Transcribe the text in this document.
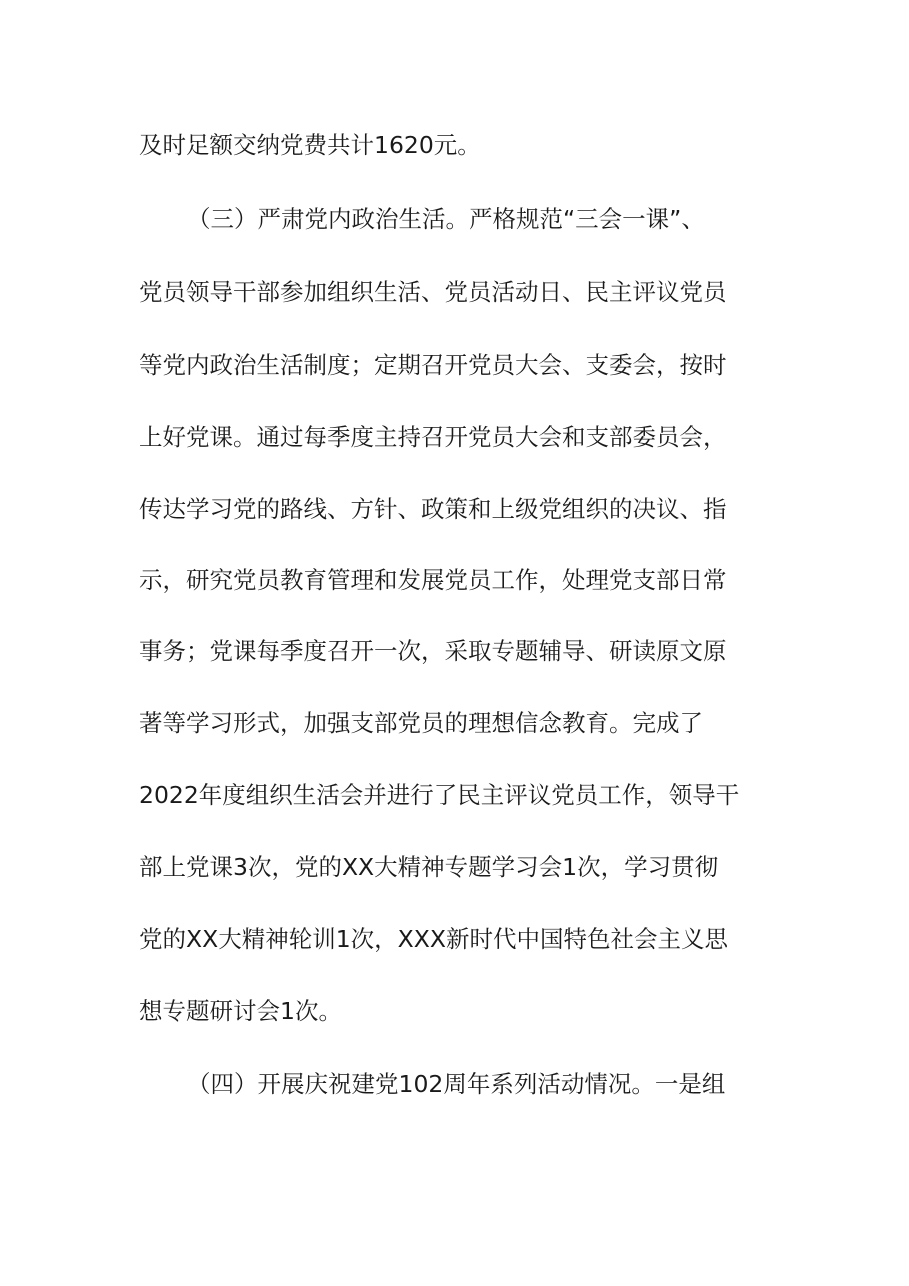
及时足额交纳党费共计1620元。
（三）严肃党内政治生活。严格规范“三会一课”、
党员领导干部参加组织生活、党员活动日、民主评议党员
等党内政治生活制度；定期召开党员大会、支委会，按时
上好党课。通过每季度主持召开党员大会和支部委员会，
传达学习党的路线、方针、政策和上级党组织的决议、指
示，研究党员教育管理和发展党员工作，处理党支部日常
事务；党课每季度召开一次，采取专题辅导、研读原文原
著等学习形式，加强支部党员的理想信念教育。完成了
2022年度组织生活会并进行了民主评议党员工作，领导干
部上党课3次，党的XX大精神专题学习会1次，学习贯彻
党的XX大精神轮训1次，XXX新时代中国特色社会主义思
想专题研讨会1次。
（四）开展庆祝建党102周年系列活动情况。一是组
